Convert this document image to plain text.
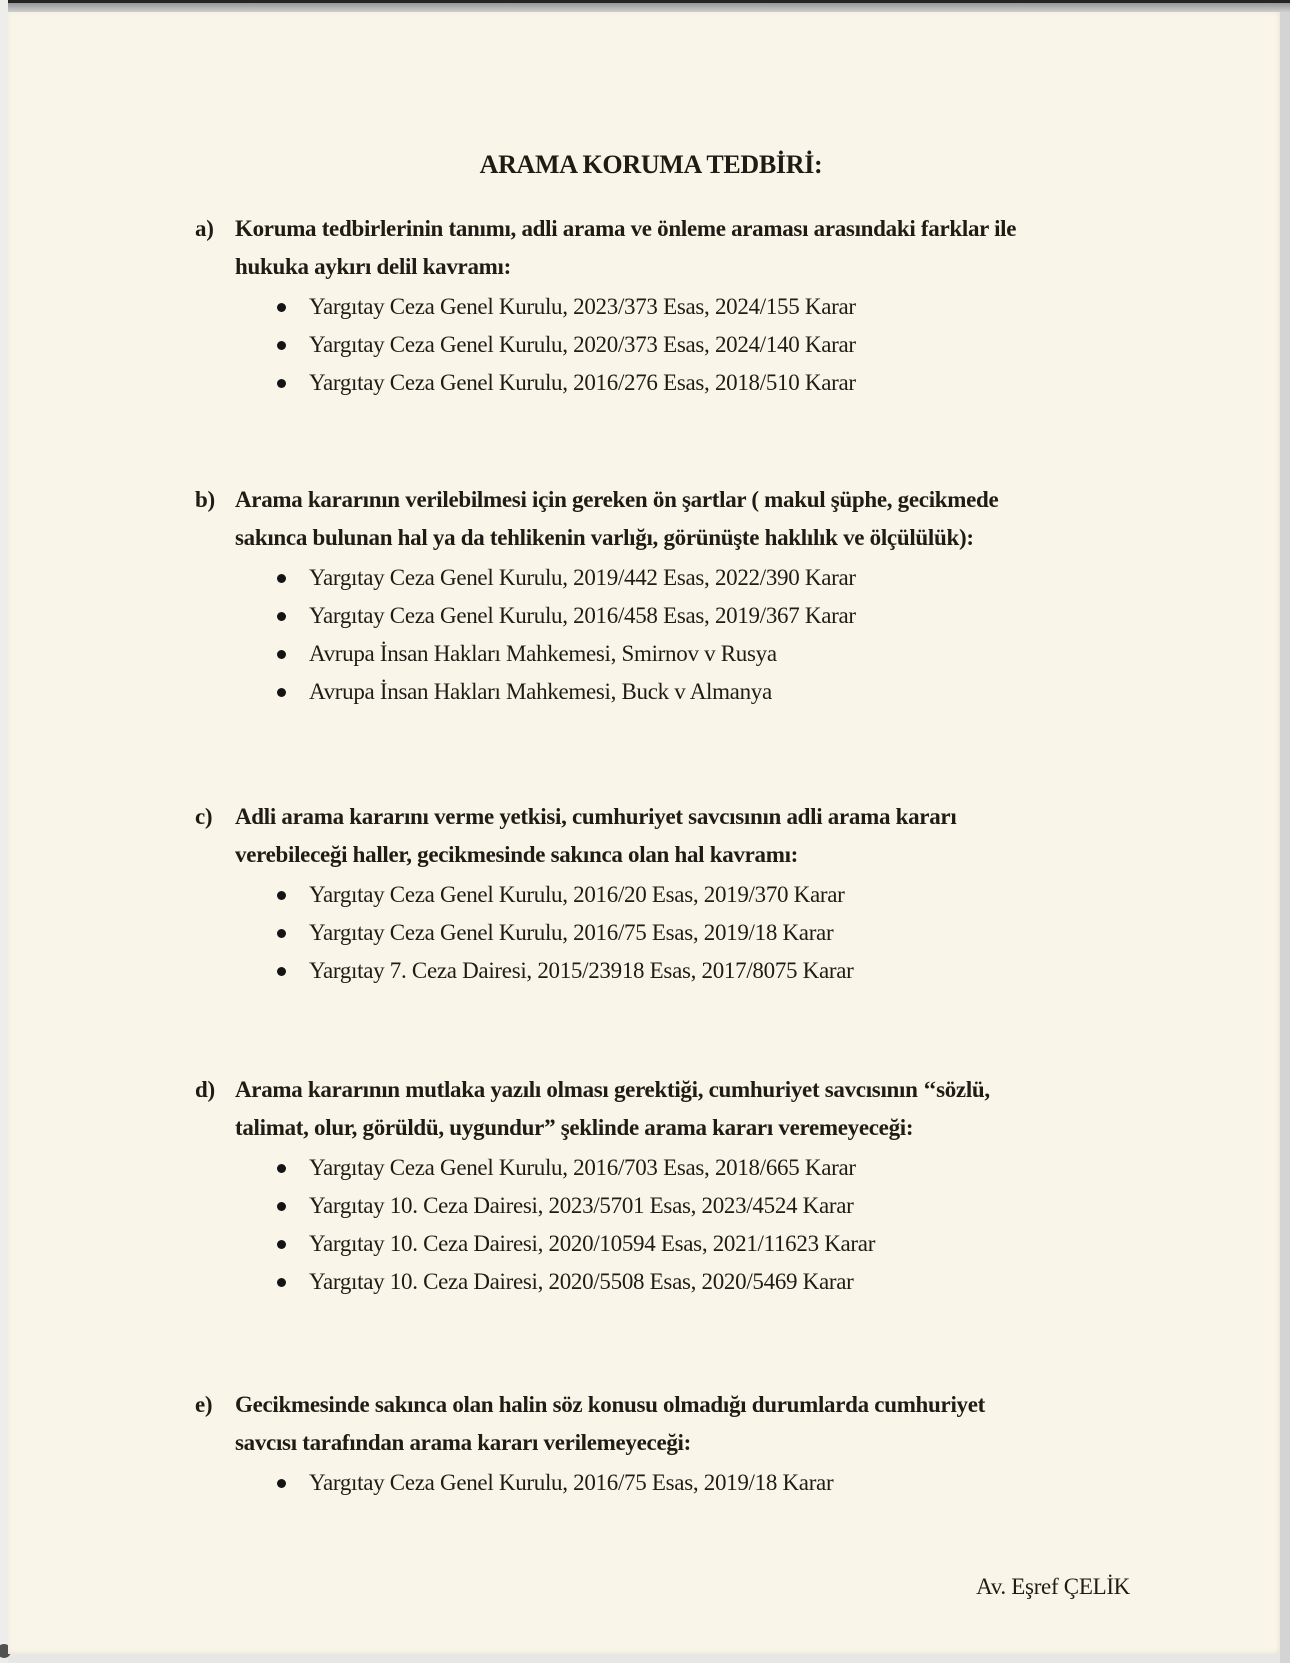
ARAMA KORUMA TEDBİRİ:
a) Koruma tedbirlerinin tanımı, adli arama ve önleme araması arasındaki farklar ile
hukuka aykırı delil kavramı:
Yargıtay Ceza Genel Kurulu, 2023/373 Esas, 2024/155 Karar
Yargıtay Ceza Genel Kurulu, 2020/373 Esas, 2024/140 Karar
Yargıtay Ceza Genel Kurulu, 2016/276 Esas, 2018/510 Karar
b) Arama kararının verilebilmesi için gereken ön şartlar ( makul şüphe, gecikmede
sakınca bulunan hal ya da tehlikenin varlığı, görünüşte haklılık ve ölçülülük):
Yargıtay Ceza Genel Kurulu, 2019/442 Esas, 2022/390 Karar
Yargıtay Ceza Genel Kurulu, 2016/458 Esas, 2019/367 Karar
Avrupa İnsan Hakları Mahkemesi, Smirnov v Rusya
Avrupa İnsan Hakları Mahkemesi, Buck v Almanya
c) Adli arama kararını verme yetkisi, cumhuriyet savcısının adli arama kararı
verebileceği haller, gecikmesinde sakınca olan hal kavramı:
Yargıtay Ceza Genel Kurulu, 2016/20 Esas, 2019/370 Karar
Yargıtay Ceza Genel Kurulu, 2016/75 Esas, 2019/18 Karar
Yargıtay 7. Ceza Dairesi, 2015/23918 Esas, 2017/8075 Karar
d) Arama kararının mutlaka yazılı olması gerektiği, cumhuriyet savcısının ‘‘sözlü,
talimat, olur, görüldü, uygundur” şeklinde arama kararı veremeyeceği:
Yargıtay Ceza Genel Kurulu, 2016/703 Esas, 2018/665 Karar
Yargıtay 10. Ceza Dairesi, 2023/5701 Esas, 2023/4524 Karar
Yargıtay 10. Ceza Dairesi, 2020/10594 Esas, 2021/11623 Karar
Yargıtay 10. Ceza Dairesi, 2020/5508 Esas, 2020/5469 Karar
e) Gecikmesinde sakınca olan halin söz konusu olmadığı durumlarda cumhuriyet
savcısı tarafından arama kararı verilemeyeceği:
Yargıtay Ceza Genel Kurulu, 2016/75 Esas, 2019/18 Karar
Av. Eşref ÇELİK
